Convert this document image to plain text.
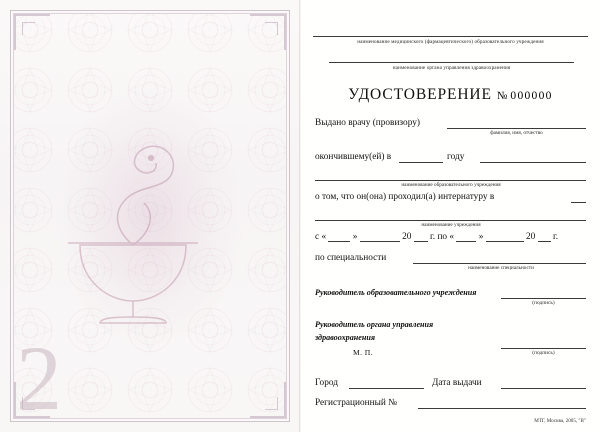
2
наименование медицинского (фармацевтического) образовательного учреждения
наименование органа управления здравоохранения
УДОСТОВЕРЕНИЕ № 000000
Выдано врачу (провизору)
фамилия, имя, отчество
окончившему(ей) в	году
наименование образовательного учреждения
о том, что он(она) проходил(а) интернатуру в
наименование учреждения
с «	»	20 г. по «	»	20 г.
по специальности
наименование специальности
Руководитель образовательного учреждения
(подпись)
Руководитель органа управления
здравоохранения
М. П.	(подпись)
Город	Дата выдачи
Регистрационный №
МТГ, Москва, 2005, "В"
